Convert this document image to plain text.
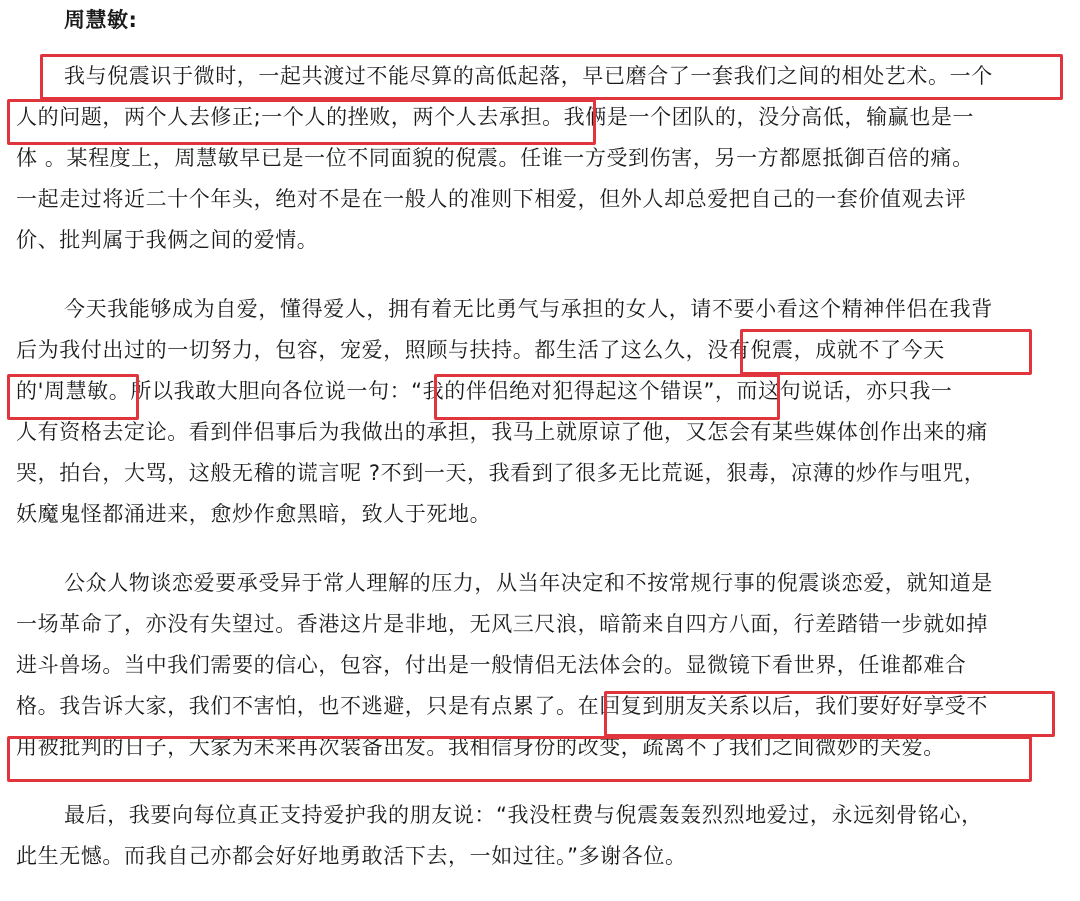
周慧敏:
我与倪震识于微时，一起共渡过不能尽算的高低起落，早已磨合了一套我们之间的相处艺术。一个
人的问题，两个人去修正;一个人的挫败，两个人去承担。我俩是一个团队的，没分高低，输赢也是一
体 。某程度上，周慧敏早已是一位不同面貌的倪震。任谁一方受到伤害，另一方都愿抵御百倍的痛。
一起走过将近二十个年头，绝对不是在一般人的准则下相爱，但外人却总爱把自己的一套价值观去评
价、批判属于我俩之间的爱情。
今天我能够成为自爱，懂得爱人，拥有着无比勇气与承担的女人，请不要小看这个精神伴侣在我背
后为我付出过的一切努力，包容，宠爱，照顾与扶持。都生活了这么久，没有倪震，成就不了今天
的'周慧敏。所以我敢大胆向各位说一句：“我的伴侣绝对犯得起这个错误”，而这句说话，亦只我一
人有资格去定论。看到伴侣事后为我做出的承担，我马上就原谅了他，又怎会有某些媒体创作出来的痛
哭，拍台，大骂，这般无稽的谎言呢 ?不到一天，我看到了很多无比荒诞，狠毒，凉薄的炒作与咀咒，
妖魔鬼怪都涌进来，愈炒作愈黑暗，致人于死地。
公众人物谈恋爱要承受异于常人理解的压力，从当年决定和不按常规行事的倪震谈恋爱，就知道是
一场革命了，亦没有失望过。香港这片是非地，无风三尺浪，暗箭来自四方八面，行差踏错一步就如掉
进斗兽场。当中我们需要的信心，包容，付出是一般情侣无法体会的。显微镜下看世界，任谁都难合
格。我告诉大家，我们不害怕，也不逃避，只是有点累了。在回复到朋友关系以后，我们要好好享受不
用被批判的日子，大家为未来再次装备出发。我相信身份的改变，疏离不了我们之间微妙的关爱。
最后，我要向每位真正支持爱护我的朋友说：“我没枉费与倪震轰轰烈烈地爱过，永远刻骨铭心，
此生无憾。而我自己亦都会好好地勇敢活下去，一如过往。”多谢各位。
